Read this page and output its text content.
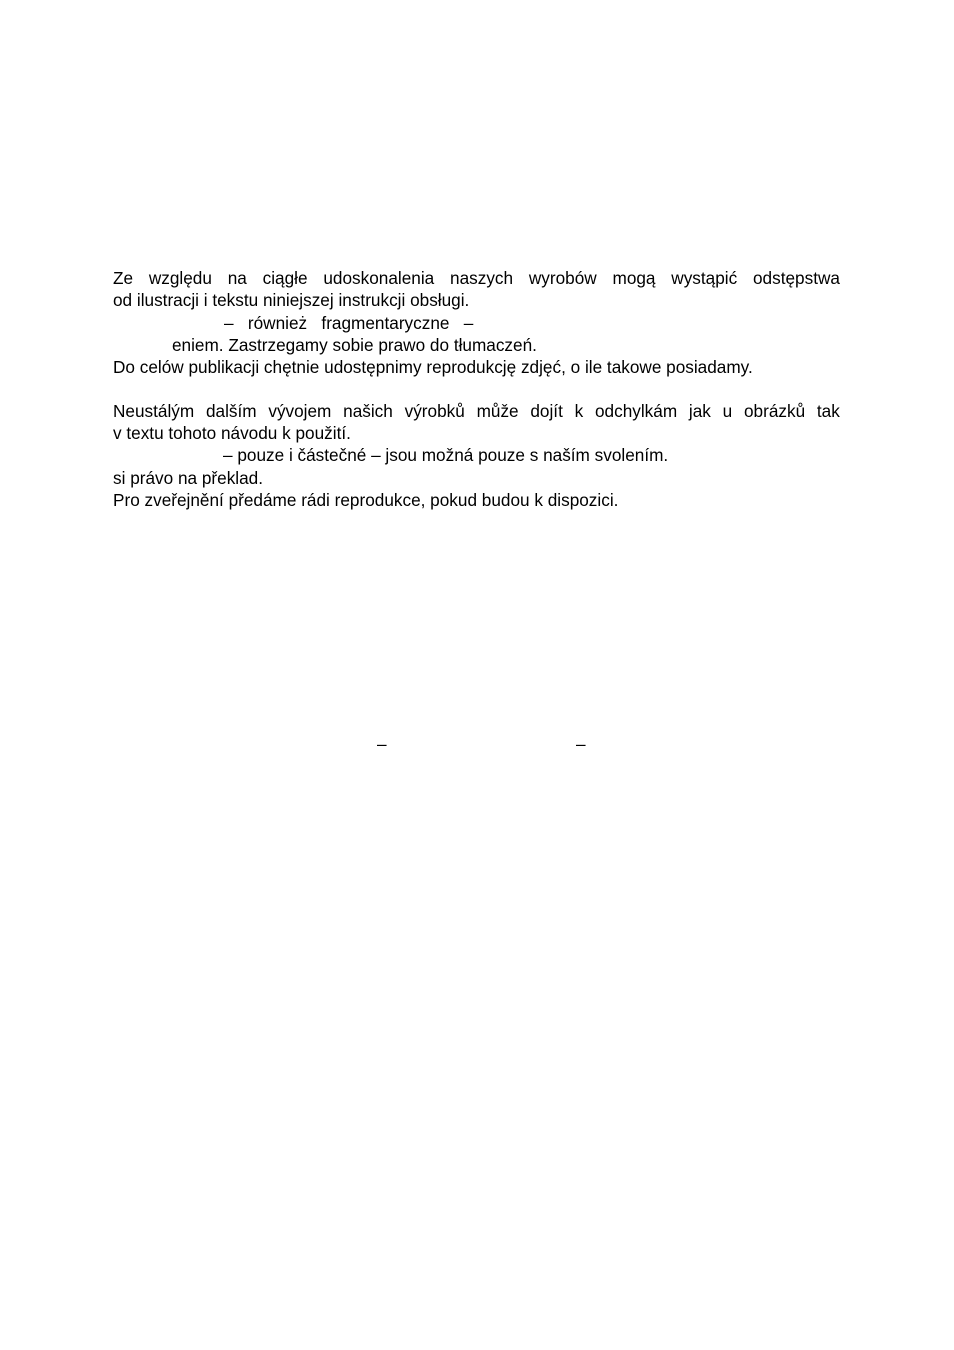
Ze względu na ciągłe udoskonalenia naszych wyrobów mogą wystąpić odstępstwa

od ilustracji i tekstu niniejszej instrukcji obsługi.

–   również   fragmentaryczne   –

eniem. Zastrzegamy sobie prawo do tłumaczeń.

Do celów publikacji chętnie udostępnimy reprodukcję zdjęć, o ile takowe posiadamy.

Neustálým dalším vývojem našich výrobků může dojít k odchylkám jak u obrázků tak

v textu tohoto návodu k použití.

– pouze i částečné – jsou možná pouze s naším svolením.

si právo na překlad.

Pro zveřejnění předáme rádi reprodukce, pokud budou k dispozici.

–	–
